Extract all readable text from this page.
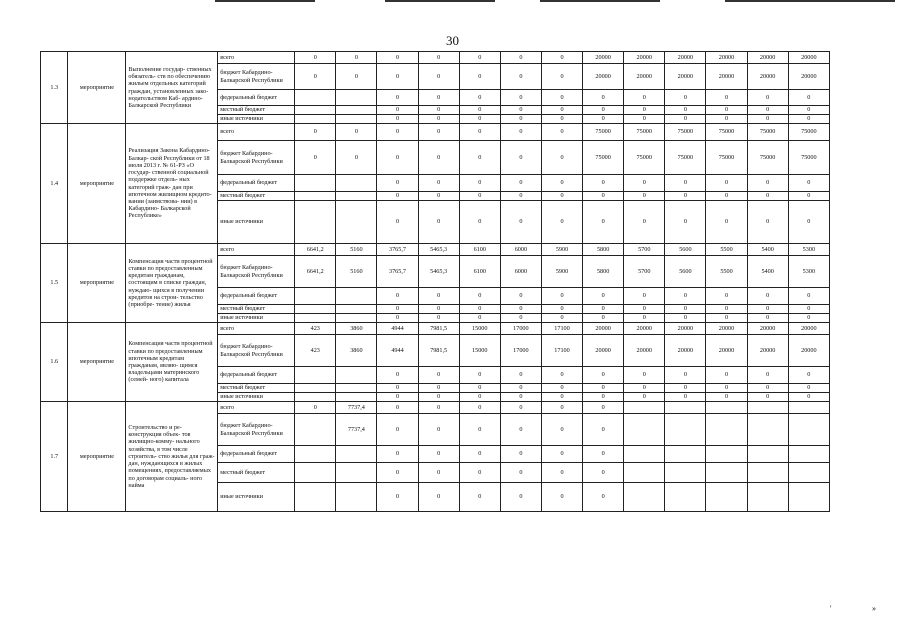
30
1.3	мероприятие	Выполнение государ- ственных обязатель- ств по обеспечению жильем отдельных категорий граждан, установленных зако- нодательством Каб- ардино-Балкарской Республики	всего	0	0	0	0	0	0	0	20000	20000	20000	20000	20000	20000
			бюджет Кабардино- Балкарской Республики	0	0	0	0	0	0	0	20000	20000	20000	20000	20000	20000
			федеральный бюджет			0	0	0	0	0	0	0	0	0	0	0
			местный бюджет			0	0	0	0	0	0	0	0	0	0	0
			иные источники			0	0	0	0	0	0	0	0	0	0	0
1.4	мероприятие	Реализация Закона Кабардино-Балкар- ской Республики от 18 июля 2013 г. № 61-РЗ «О государ- ственной социальной поддержке отдель- ных категорий граж- дан при ипотечном жилищном кредито- вании (заимствова- нии) в Кабардино- Балкарской Республике»	всего	0	0	0	0	0	0	0	75000	75000	75000	75000	75000	75000
			бюджет Кабардино- Балкарской Республики	0	0	0	0	0	0	0	75000	75000	75000	75000	75000	75000
			федеральный бюджет			0	0	0	0	0	0	0	0	0	0	0
			местный бюджет			0	0	0	0	0	0	0	0	0	0	0
			иные источники			0	0	0	0	0	0	0	0	0	0	0
1.5	мероприятие	Компенсация части процентной ставки по предоставленным кредитам гражданам, состоящим в списке граждан, нуждаю- щихся в получении кредитов на строи- тельство (приобре- тение) жилья	всего	6641,2	5160	3765,7	5465,3	6100	6000	5900	5800	5700	5600	5500	5400	5300
			бюджет Кабардино- Балкарской Республики	6641,2	5160	3765,7	5465,3	6100	6000	5900	5800	5700	5600	5500	5400	5300
			федеральный бюджет			0	0	0	0	0	0	0	0	0	0	0
			местный бюджет			0	0	0	0	0	0	0	0	0	0	0
			иные источники			0	0	0	0	0	0	0	0	0	0	0
1.6	мероприятие	Компенсация части процентной ставки по предоставленным ипотечным кредитам гражданам, являю- щимся владельцами материнского (семей- ного) капитала	всего	423	3860	4944	7981,5	15000	17000	17100	20000	20000	20000	20000	20000	20000
			бюджет Кабардино- Балкарской Республики	423	3860	4944	7981,5	15000	17000	17100	20000	20000	20000	20000	20000	20000
			федеральный бюджет			0	0	0	0	0	0	0	0	0	0	0
			местный бюджет			0	0	0	0	0	0	0	0	0	0	0
			иные источники			0	0	0	0	0	0	0	0	0	0	0
1.7	мероприятие	Строительство и ре- конструкция объек- тов жилищно-комму- нального хозяйства, в том числе строитель- ство жилья для граж- дан, нуждающихся в жилых помещениях, предоставляемых по договорам социаль- ного найма	всего	0	7737,4	0	0	0	0	0	0					
			бюджет Кабардино- Балкарской Республики		7737,4	0	0	0	0	0	0					
			федеральный бюджет			0	0	0	0	0	0					
			местный бюджет			0	0	0	0	0	0					
			иные источники			0	0	0	0	0	0					
'	»
